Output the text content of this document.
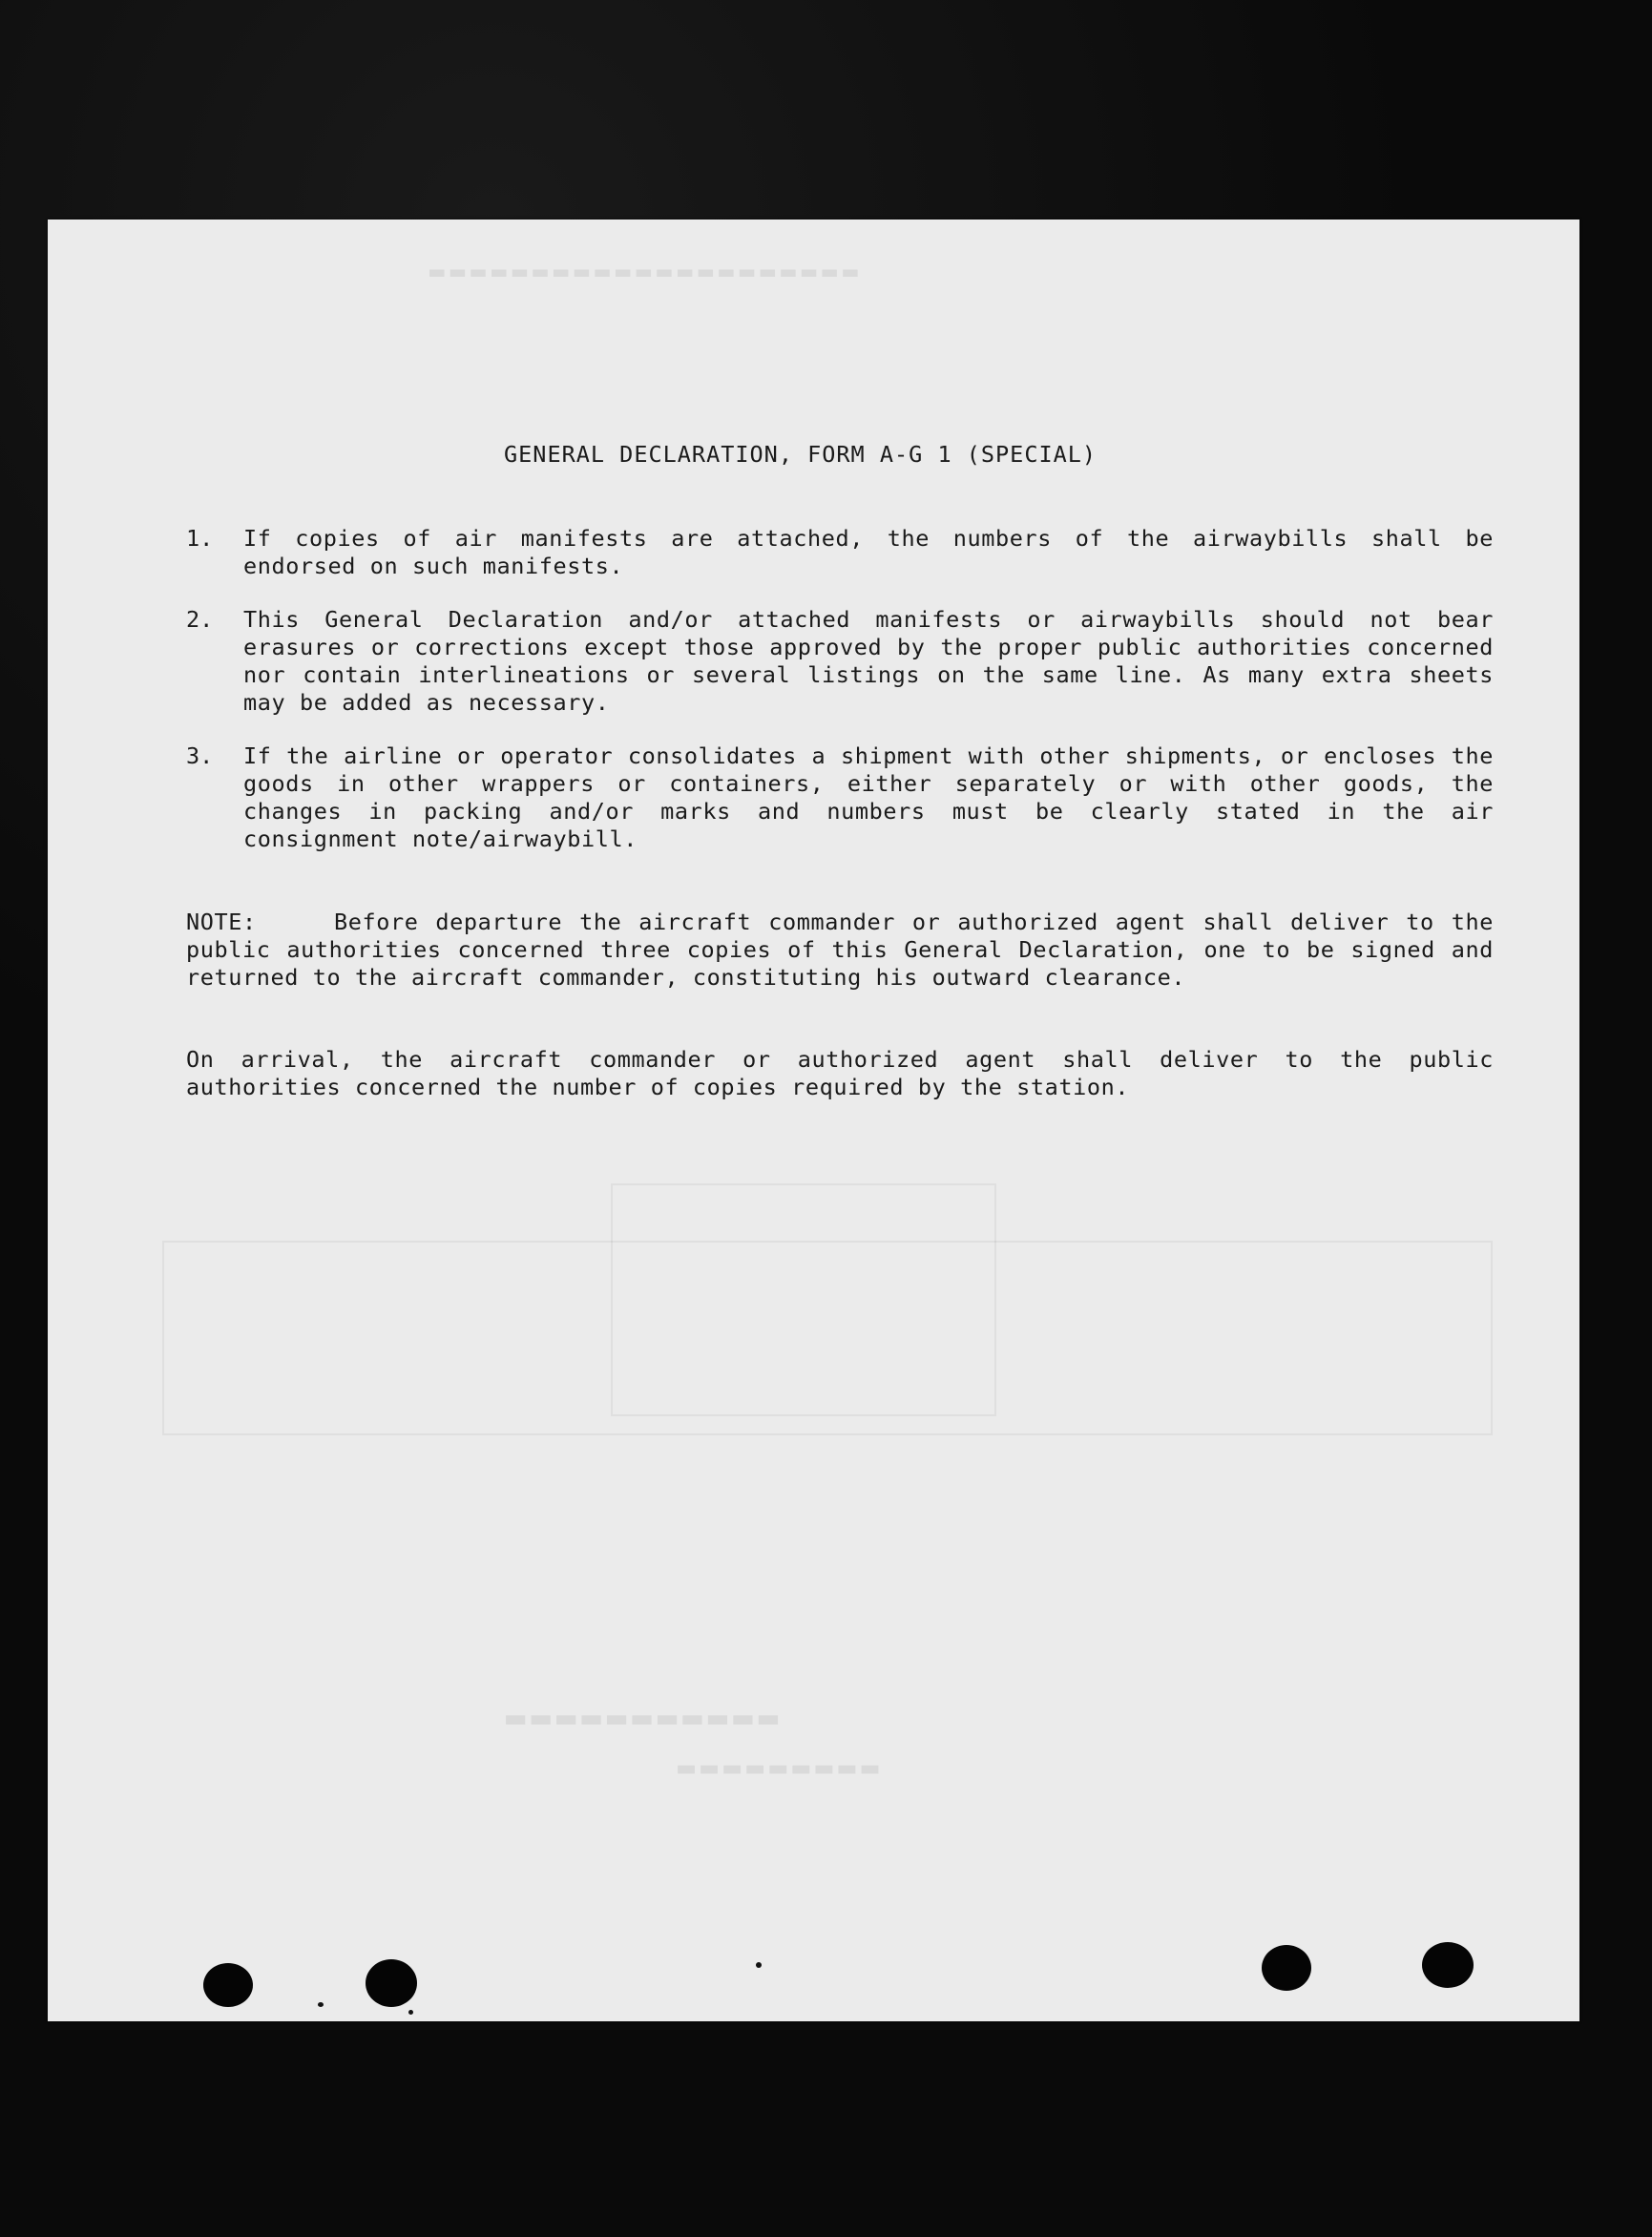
▬▬▬▬▬▬▬▬▬▬▬▬▬▬▬▬▬▬▬▬▬
▬▬▬▬▬▬▬▬▬▬▬
▬▬▬▬▬▬▬▬▬
GENERAL DECLARATION, FORM A-G 1 (SPECIAL)
1. If copies of air manifests are attached, the numbers of the airwaybills shall be endorsed on such manifests.
2. This General Declaration and/or attached manifests or airwaybills should not bear erasures or corrections except those approved by the proper public authorities concerned nor contain interlineations or several listings on the same line. As many extra sheets may be added as necessary.
3. If the airline or operator consolidates a shipment with other shipments, or encloses the goods in other wrappers or containers, either separately or with other goods, the changes in packing and/or marks and numbers must be clearly stated in the air consignment note/airwaybill.
NOTE:	Before departure the aircraft commander or authorized agent shall deliver to the public authorities concerned three copies of this General Declaration, one to be signed and returned to the aircraft commander, constituting his outward clearance.
On arrival, the aircraft commander or authorized agent shall deliver to the public authorities concerned the number of copies required by the station.
